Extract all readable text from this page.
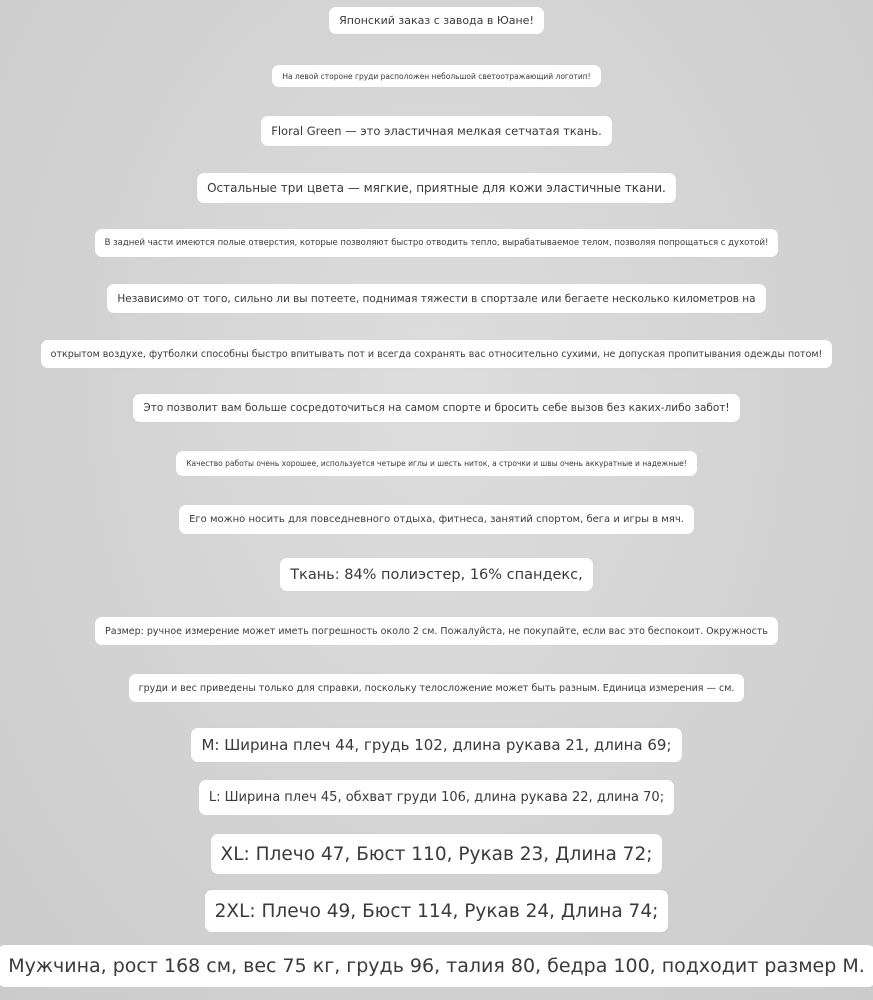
Японский заказ с завода в Юане!
На левой стороне груди расположен небольшой светоотражающий логотип!
Floral Green — это эластичная мелкая сетчатая ткань.
Остальные три цвета — мягкие, приятные для кожи эластичные ткани.
В задней части имеются полые отверстия, которые позволяют быстро отводить тепло, вырабатываемое телом, позволяя попрощаться с духотой!
Независимо от того, сильно ли вы потеете, поднимая тяжести в спортзале или бегаете несколько километров на
открытом воздухе, футболки способны быстро впитывать пот и всегда сохранять вас относительно сухими, не допуская пропитывания одежды потом!
Это позволит вам больше сосредоточиться на самом спорте и бросить себе вызов без каких-либо забот!
Качество работы очень хорошее, используется четыре иглы и шесть ниток, а строчки и швы очень аккуратные и надежные!
Его можно носить для повседневного отдыха, фитнеса, занятий спортом, бега и игры в мяч.
Ткань: 84% полиэстер, 16% спандекс,
Размер: ручное измерение может иметь погрешность около 2 см. Пожалуйста, не покупайте, если вас это беспокоит. Окружность
груди и вес приведены только для справки, поскольку телосложение может быть разным. Единица измерения — см.
M: Ширина плеч 44, грудь 102, длина рукава 21, длина 69;
L: Ширина плеч 45, обхват груди 106, длина рукава 22, длина 70;
XL: Плечо 47, Бюст 110, Рукав 23, Длина 72;
2XL: Плечо 49, Бюст 114, Рукав 24, Длина 74;
Мужчина, рост 168 см, вес 75 кг, грудь 96, талия 80, бедра 100, подходит размер M.
